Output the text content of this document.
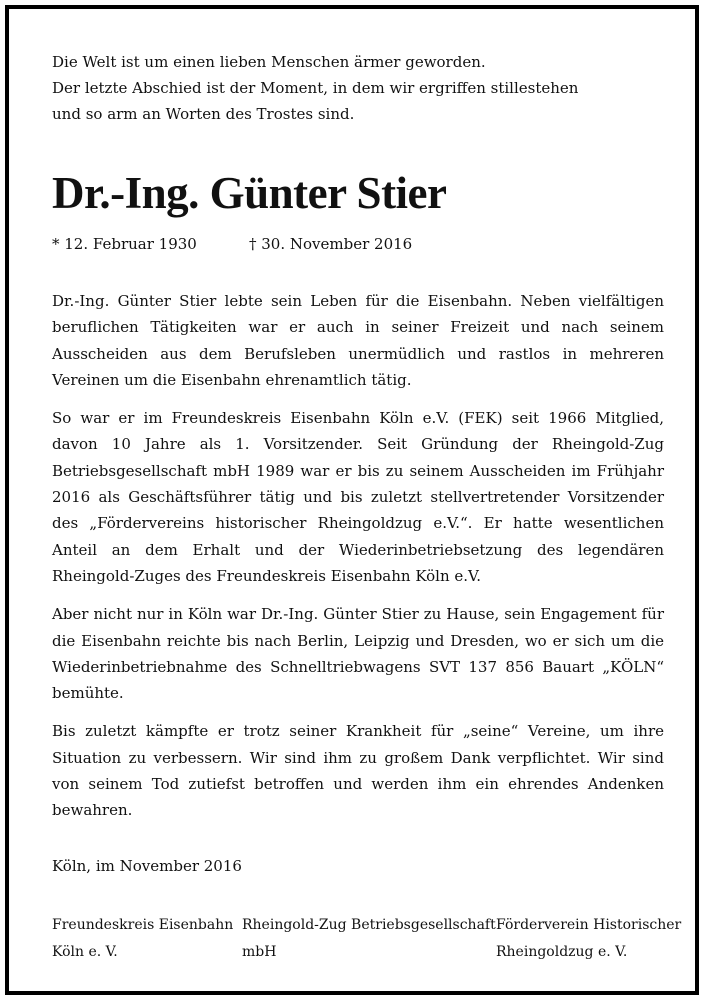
Die Welt ist um einen lieben Menschen ärmer geworden.
Der letzte Abschied ist der Moment, in dem wir ergriffen stillestehen
und so arm an Worten des Trostes sind.
Dr.-Ing. Günter Stier
* 12. Februar 1930	† 30. November 2016

Dr.-Ing. Günter Stier lebte sein Leben für die Eisenbahn. Neben vielfältigen beruflichen Tätigkeiten war er auch in seiner Freizeit und nach seinem Ausscheiden aus dem Berufsleben unermüdlich und rastlos in mehreren Vereinen um die Eisenbahn ehrenamtlich tätig.

So war er im Freundeskreis Eisenbahn Köln e.V. (FEK) seit 1966 Mitglied, davon 10 Jahre als 1. Vorsitzender. Seit Gründung der Rheingold-Zug Betriebsgesellschaft mbH 1989 war er bis zu seinem Ausscheiden im Frühjahr 2016 als Geschäftsführer tätig und bis zuletzt stellvertretender Vorsitzender des „Fördervereins historischer Rheingoldzug e.V.“. Er hatte wesentlichen Anteil an dem Erhalt und der Wiederinbetriebsetzung des legendären Rheingold-Zuges des Freundeskreis Eisenbahn Köln e.V.

Aber nicht nur in Köln war Dr.-Ing. Günter Stier zu Hause, sein Engagement für die Eisenbahn reichte bis nach Berlin, Leipzig und Dresden, wo er sich um die Wiederinbetriebnahme des Schnelltriebwagens SVT 137 856 Bauart „KÖLN“ bemühte.

Bis zuletzt kämpfte er trotz seiner Krankheit für „seine“ Vereine, um ihre Situation zu verbessern. Wir sind ihm zu großem Dank verpflichtet. Wir sind von seinem Tod zutiefst betroffen und werden ihm ein ehrendes Andenken bewahren.

Köln, im November 2016
Freundeskreis Eisenbahn
Köln e. V.
Rheingold-Zug Betriebsgesellschaft
mbH
Förderverein Historischer
Rheingoldzug e. V.
